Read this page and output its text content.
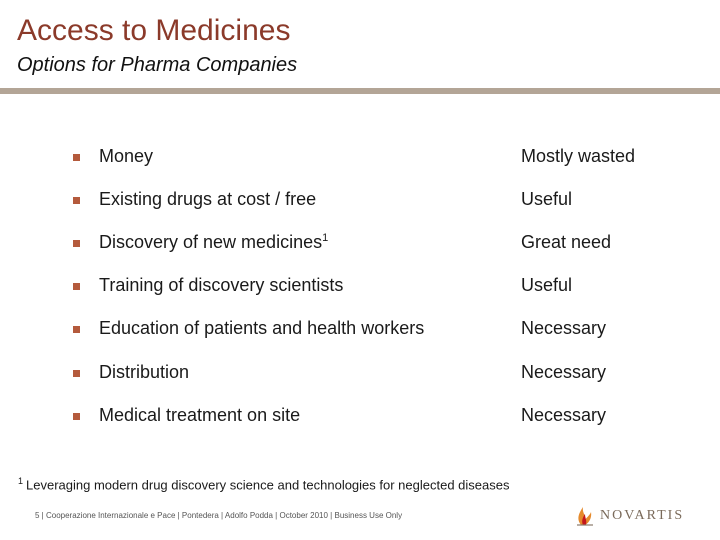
Access to Medicines
Options for Pharma Companies
Money	Mostly wasted
Existing drugs at cost / free	Useful
Discovery of new medicines$^1$	Great need
Training of discovery scientists	Useful
Education of patients and health workers	Necessary
Distribution	Necessary
Medical treatment on site	Necessary
$^1$ Leveraging modern drug discovery science and technologies for neglected diseases
5 | Cooperazione Internazionale e Pace | Pontedera | Adolfo Podda | October 2010 | Business Use Only	NOVARTIS
